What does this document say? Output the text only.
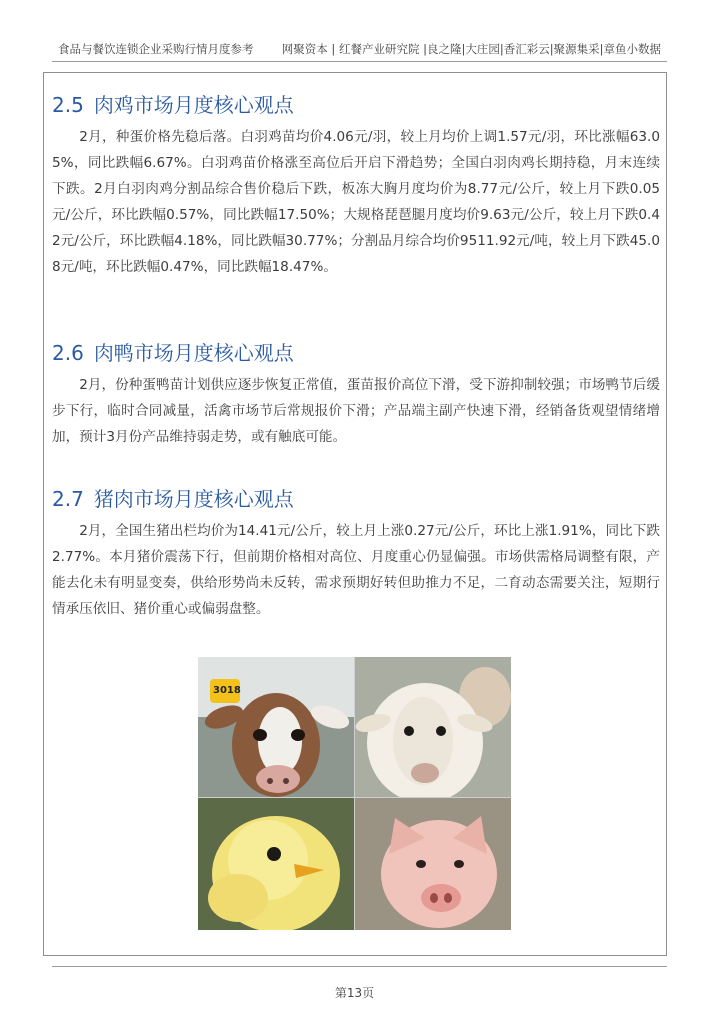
食品与餐饮连锁企业采购行情月度参考 网聚资本 | 红餐产业研究院 |良之隆|大庄园|香汇彩云|聚源集采|章鱼小数据
2.5 肉鸡市场月度核心观点

2月，种蛋价格先稳后落。白羽鸡苗均价4.06元/羽，较上月均价上调1.57元/羽，环比涨幅63.05%，同比跌幅6.67%。白羽鸡苗价格涨至高位后开启下滑趋势；全国白羽肉鸡长期持稳，月末连续下跌。2月白羽肉鸡分割品综合售价稳后下跌，板冻大胸月度均价为8.77元/公斤，较上月下跌0.05元/公斤，环比跌幅0.57%，同比跌幅17.50%；大规格琵琶腿月度均价9.63元/公斤，较上月下跌0.42元/公斤，环比跌幅4.18%，同比跌幅30.77%；分割品月综合均价9511.92元/吨，较上月下跌45.08元/吨，环比跌幅0.47%，同比跌幅18.47%。

2.6 肉鸭市场月度核心观点

2月，份种蛋鸭苗计划供应逐步恢复正常值，蛋苗报价高位下滑，受下游抑制较强；市场鸭节后缓步下行，临时合同减量，活禽市场节后常规报价下滑；产品端主副产快速下滑，经销备货观望情绪增加，预计3月份产品维持弱走势，或有触底可能。

2.7 猪肉市场月度核心观点

2月，全国生猪出栏均价为14.41元/公斤，较上月上涨0.27元/公斤，环比上涨1.91%，同比下跌2.77%。本月猪价震荡下行，但前期价格相对高位、月度重心仍显偏强。市场供需格局调整有限，产能去化未有明显变奏，供给形势尚未反转，需求预期好转但助推力不足，二育动态需要关注，短期行情承压依旧、猪价重心或偏弱盘整。

3018
第13页
